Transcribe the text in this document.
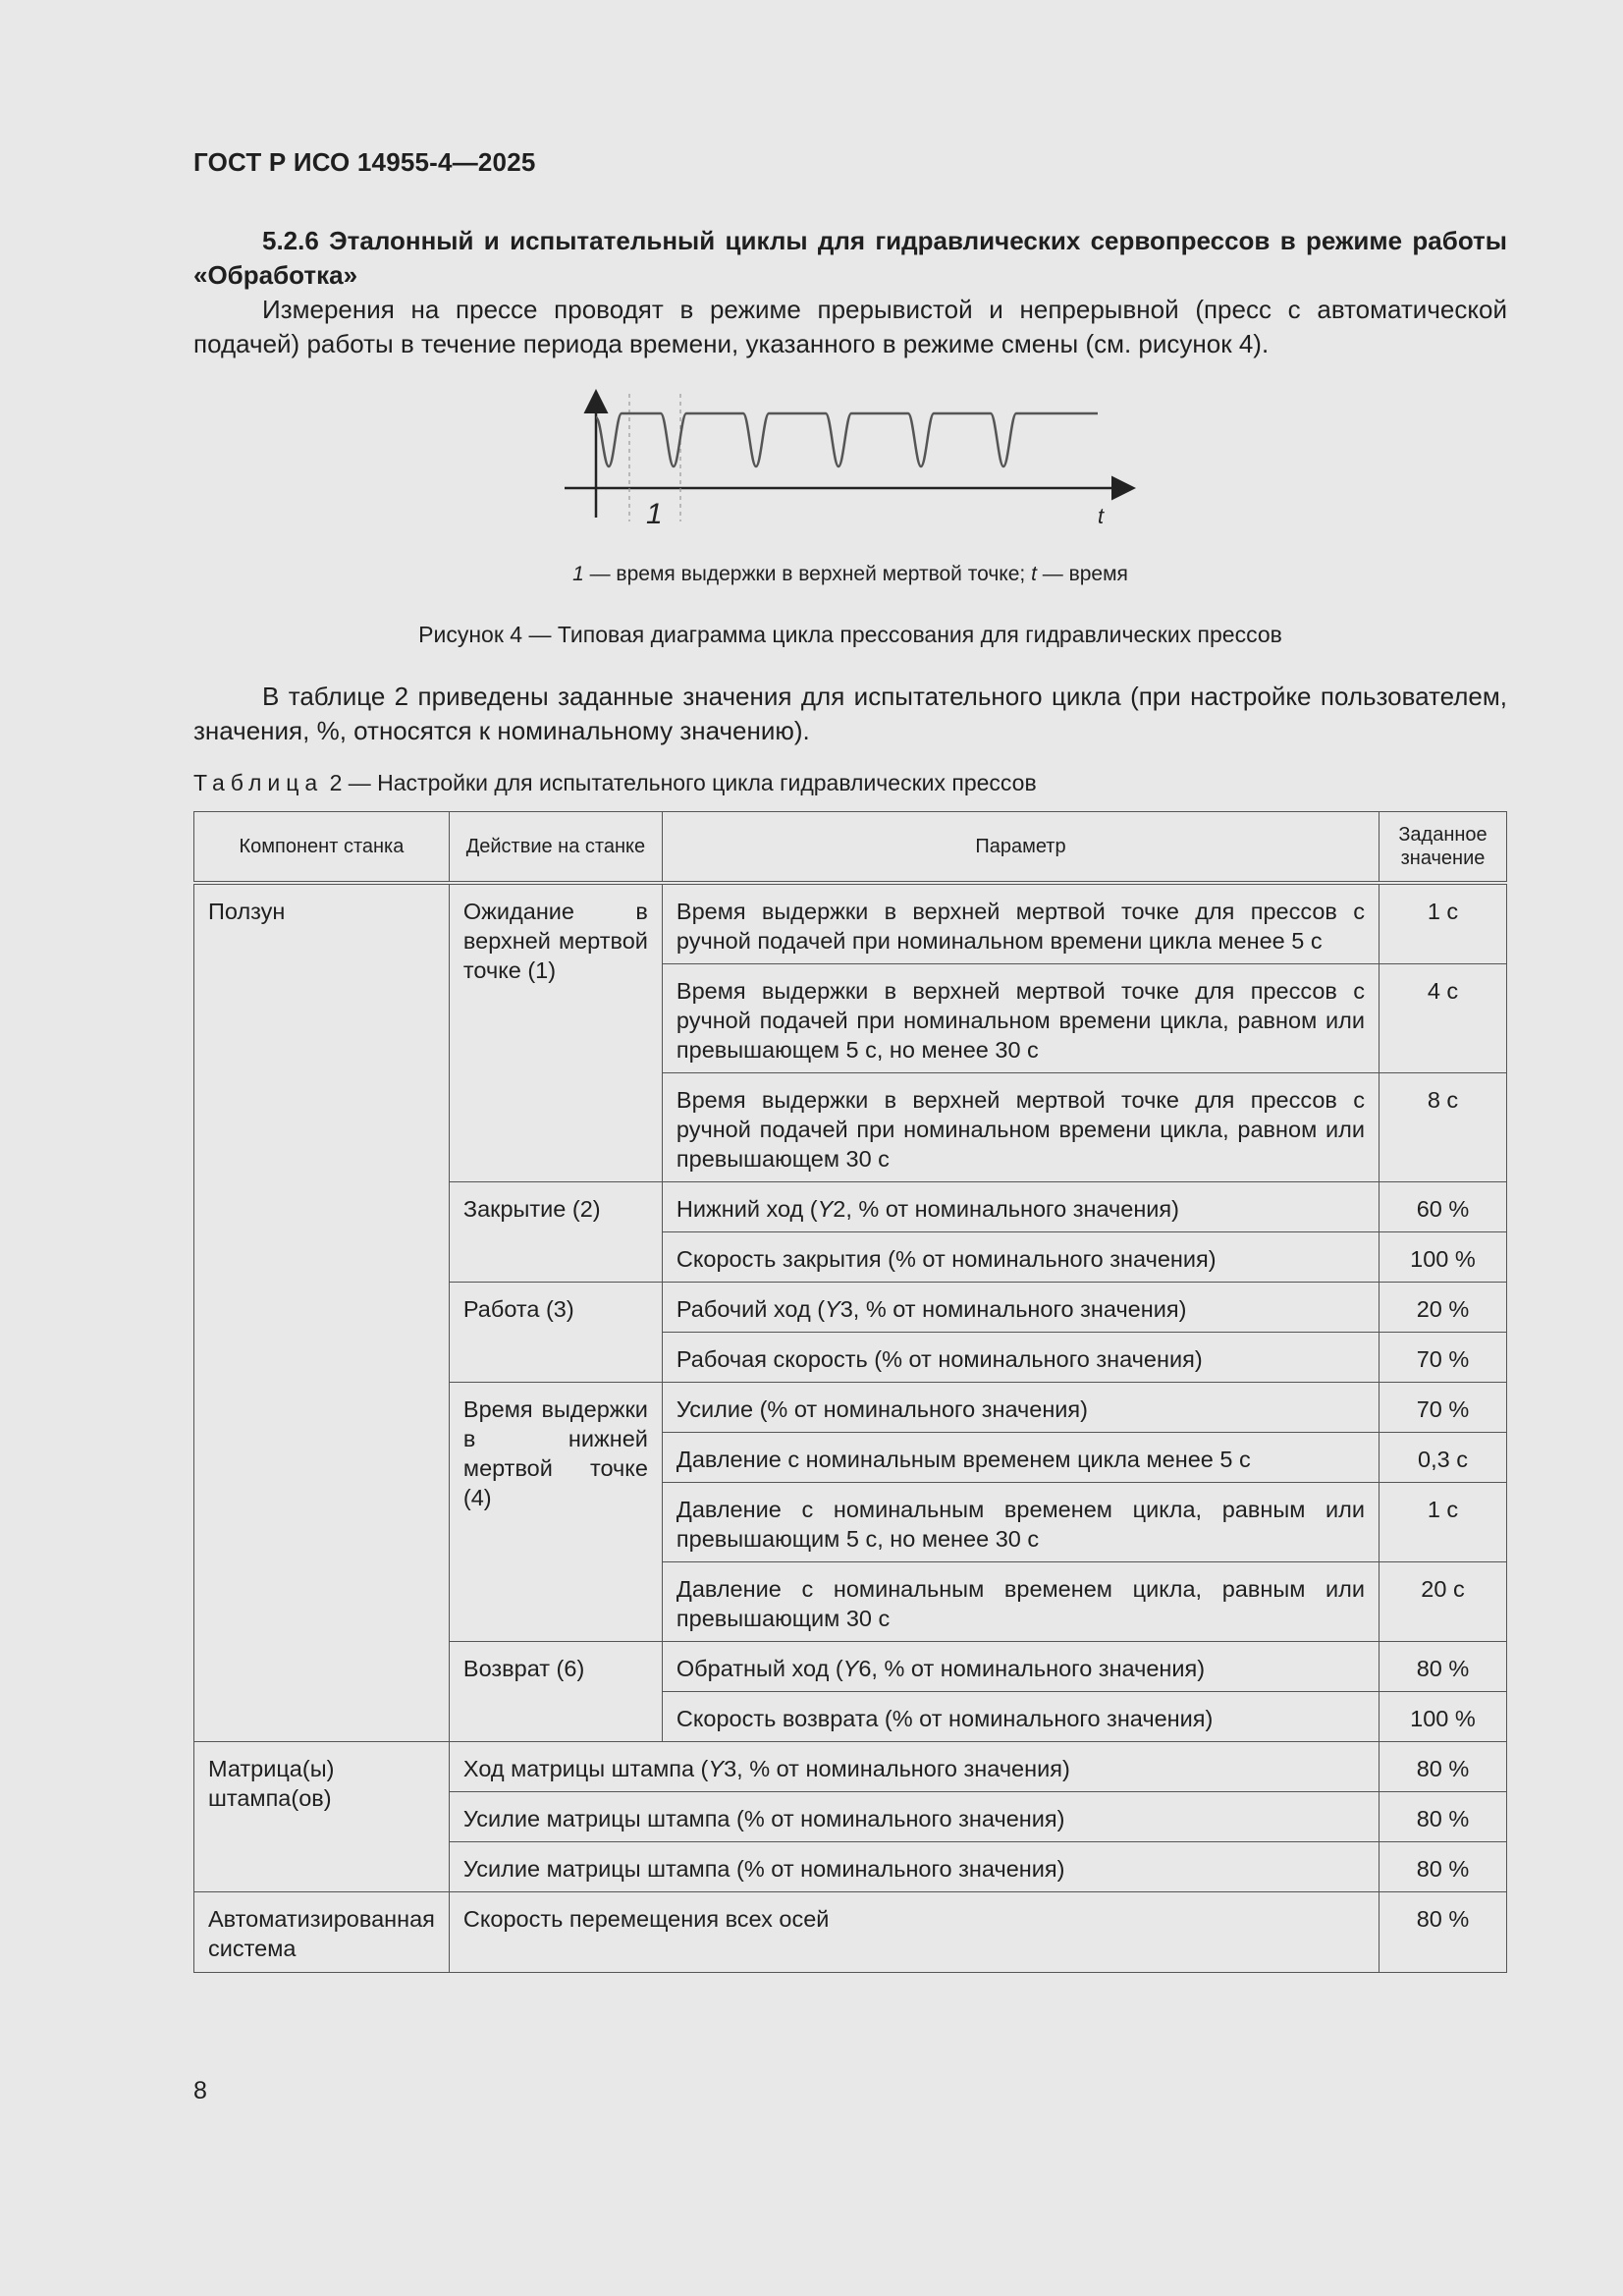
ГОСТ Р ИСО 14955-4—2025

5.2.6 Эталонный и испытательный циклы для гидравлических сервопрессов в режиме работы «Обработка»

Измерения на прессе проводят в режиме прерывистой и непрерывной (пресс с автоматической подачей) работы в течение периода времени, указанного в режиме смены (см. рисунок 4).

1	t
1 — время выдержки в верхней мертвой точке; t — время
Рисунок 4 — Типовая диаграмма цикла прессования для гидравлических прессов

В таблице 2 приведены заданные значения для испытательного цикла (при настройке пользователем, значения, %, относятся к номинальному значению).

Таблица 2 — Настройки для испытательного цикла гидравлических прессов
Компонент станка	Действие на станке	Параметр	Заданное значение
Ползун	Ожидание в верхней мертвой точке (1)	Время выдержки в верхней мертвой точке для прессов с ручной подачей при номинальном времени цикла менее 5 с	1 с
		Время выдержки в верхней мертвой точке для прессов с ручной подачей при номинальном времени цикла, равном или превышающем 5 с, но менее 30 с	4 с
		Время выдержки в верхней мертвой точке для прессов с ручной подачей при номинальном времени цикла, равном или превышающем 30 с	8 с
	Закрытие (2)	Нижний ход (Y2, % от номинального значения)	60 %
		Скорость закрытия (% от номинального значения)	100 %
	Работа (3)	Рабочий ход (Y3, % от номинального значения)	20 %
		Рабочая скорость (% от номинального значения)	70 %
	Время выдержки в нижней мертвой точке (4)	Усилие (% от номинального значения)	70 %
		Давление с номинальным временем цикла менее 5 с	0,3 с
		Давление с номинальным временем цикла, равным или превышающим 5 с, но менее 30 с	1 с
		Давление с номинальным временем цикла, равным или превышающим 30 с	20 с
	Возврат (6)	Обратный ход (Y6, % от номинального значения)	80 %
		Скорость возврата (% от номинального значения)	100 %
Матрица(ы) штампа(ов)	Ход матрицы штампа (Y3, % от номинального значения)		80 %
	Усилие матрицы штампа (% от номинального значения)		80 %
	Усилие матрицы штампа (% от номинального значения)		80 %
Автоматизированная система	Скорость перемещения всех осей		80 %
8
